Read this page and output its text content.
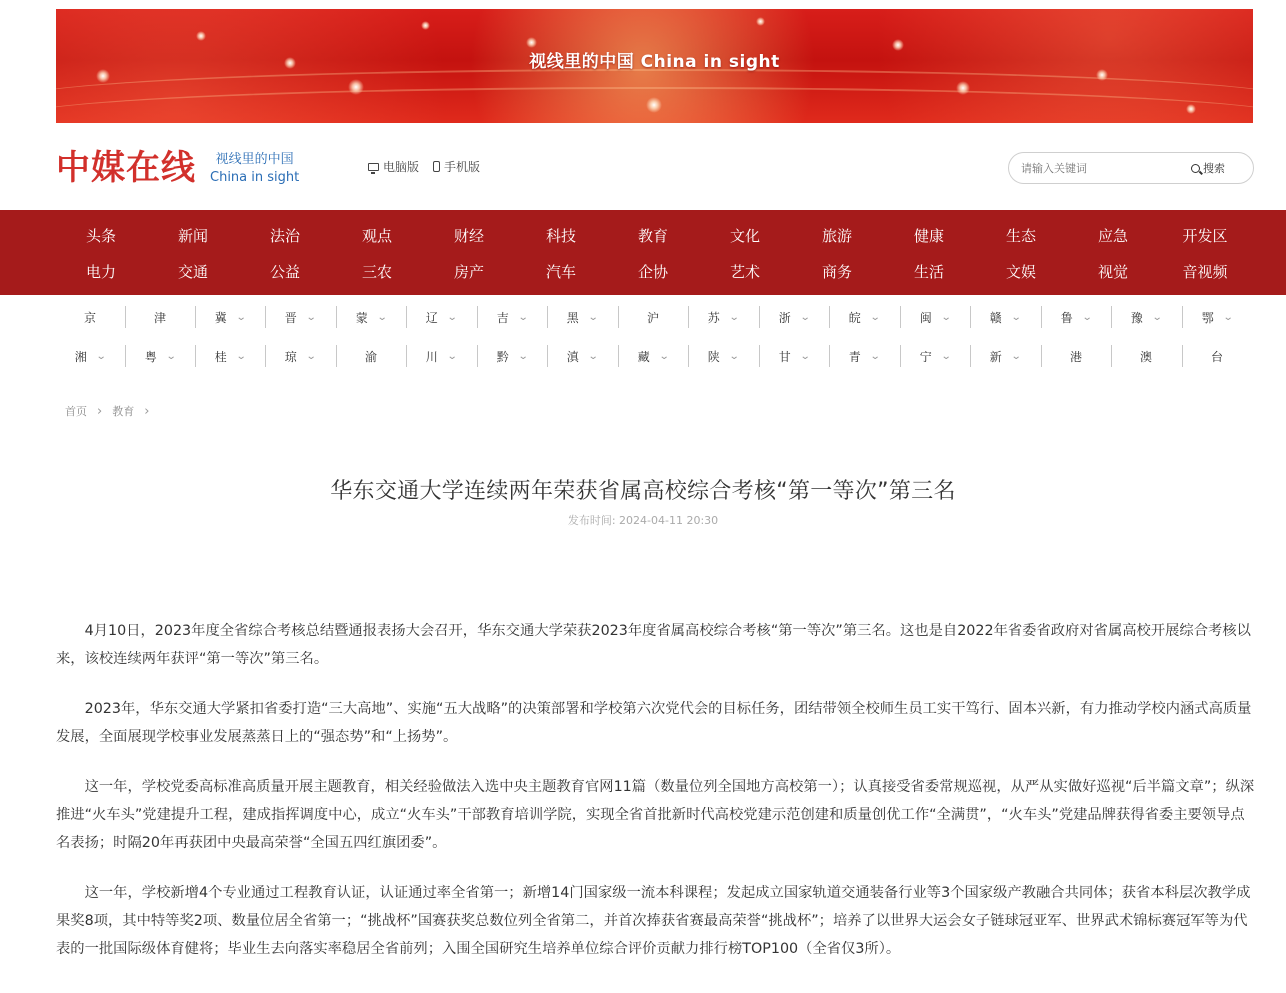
视线里的中国 China in sight
中媒在线	视线里的中国
China in sight
电脑版 手机版
请输入关键词	搜索
头条	新闻	法治	观点	财经	科技	教育	文化	旅游	健康	生态	应急	开发区
电力	交通	公益	三农	房产	汽车	企协	艺术	商务	生活	文娱	视觉	音视频
京	津	冀 ⌄	晋 ⌄	蒙 ⌄	辽 ⌄	吉 ⌄	黑 ⌄	沪	苏 ⌄	浙 ⌄	皖 ⌄	闽 ⌄	赣 ⌄	鲁 ⌄	豫 ⌄	鄂 ⌄
湘 ⌄	粤 ⌄	桂 ⌄	琼 ⌄	渝	川 ⌄	黔 ⌄	滇 ⌄	藏 ⌄	陕 ⌄	甘 ⌄	青 ⌄	宁 ⌄	新 ⌄	港	澳	台
首页 › 教育 ›
华东交通大学连续两年荣获省属高校综合考核“第一等次”第三名
发布时间: 2024-04-11 20:30

4月10日，2023年度全省综合考核总结暨通报表扬大会召开，华东交通大学荣获2023年度省属高校综合考核“第一等次”第三名。这也是自2022年省委省政府对省属高校开展综合考核以来，该校连续两年获评“第一等次”第三名。

2023年，华东交通大学紧扣省委打造“三大高地”、实施“五大战略”的决策部署和学校第六次党代会的目标任务，团结带领全校师生员工实干笃行、固本兴新，有力推动学校内涵式高质量发展，全面展现学校事业发展蒸蒸日上的“强态势”和“上扬势”。

这一年，学校党委高标准高质量开展主题教育，相关经验做法入选中央主题教育官网11篇（数量位列全国地方高校第一）；认真接受省委常规巡视，从严从实做好巡视“后半篇文章”；纵深推进“火车头”党建提升工程，建成指挥调度中心，成立“火车头”干部教育培训学院，实现全省首批新时代高校党建示范创建和质量创优工作“全满贯”，“火车头”党建品牌获得省委主要领导点名表扬；时隔20年再获团中央最高荣誉“全国五四红旗团委”。

这一年，学校新增4个专业通过工程教育认证，认证通过率全省第一；新增14门国家级一流本科课程；发起成立国家轨道交通装备行业等3个国家级产教融合共同体；获省本科层次教学成果奖8项，其中特等奖2项、数量位居全省第一；“挑战杯”国赛获奖总数位列全省第二，并首次捧获省赛最高荣誉“挑战杯”；培养了以世界大运会女子链球冠亚军、世界武术锦标赛冠军等为代表的一批国际级体育健将；毕业生去向落实率稳居全省前列；入围全国研究生培养单位综合评价贡献力排行榜TOP100（全省仅3所）。
